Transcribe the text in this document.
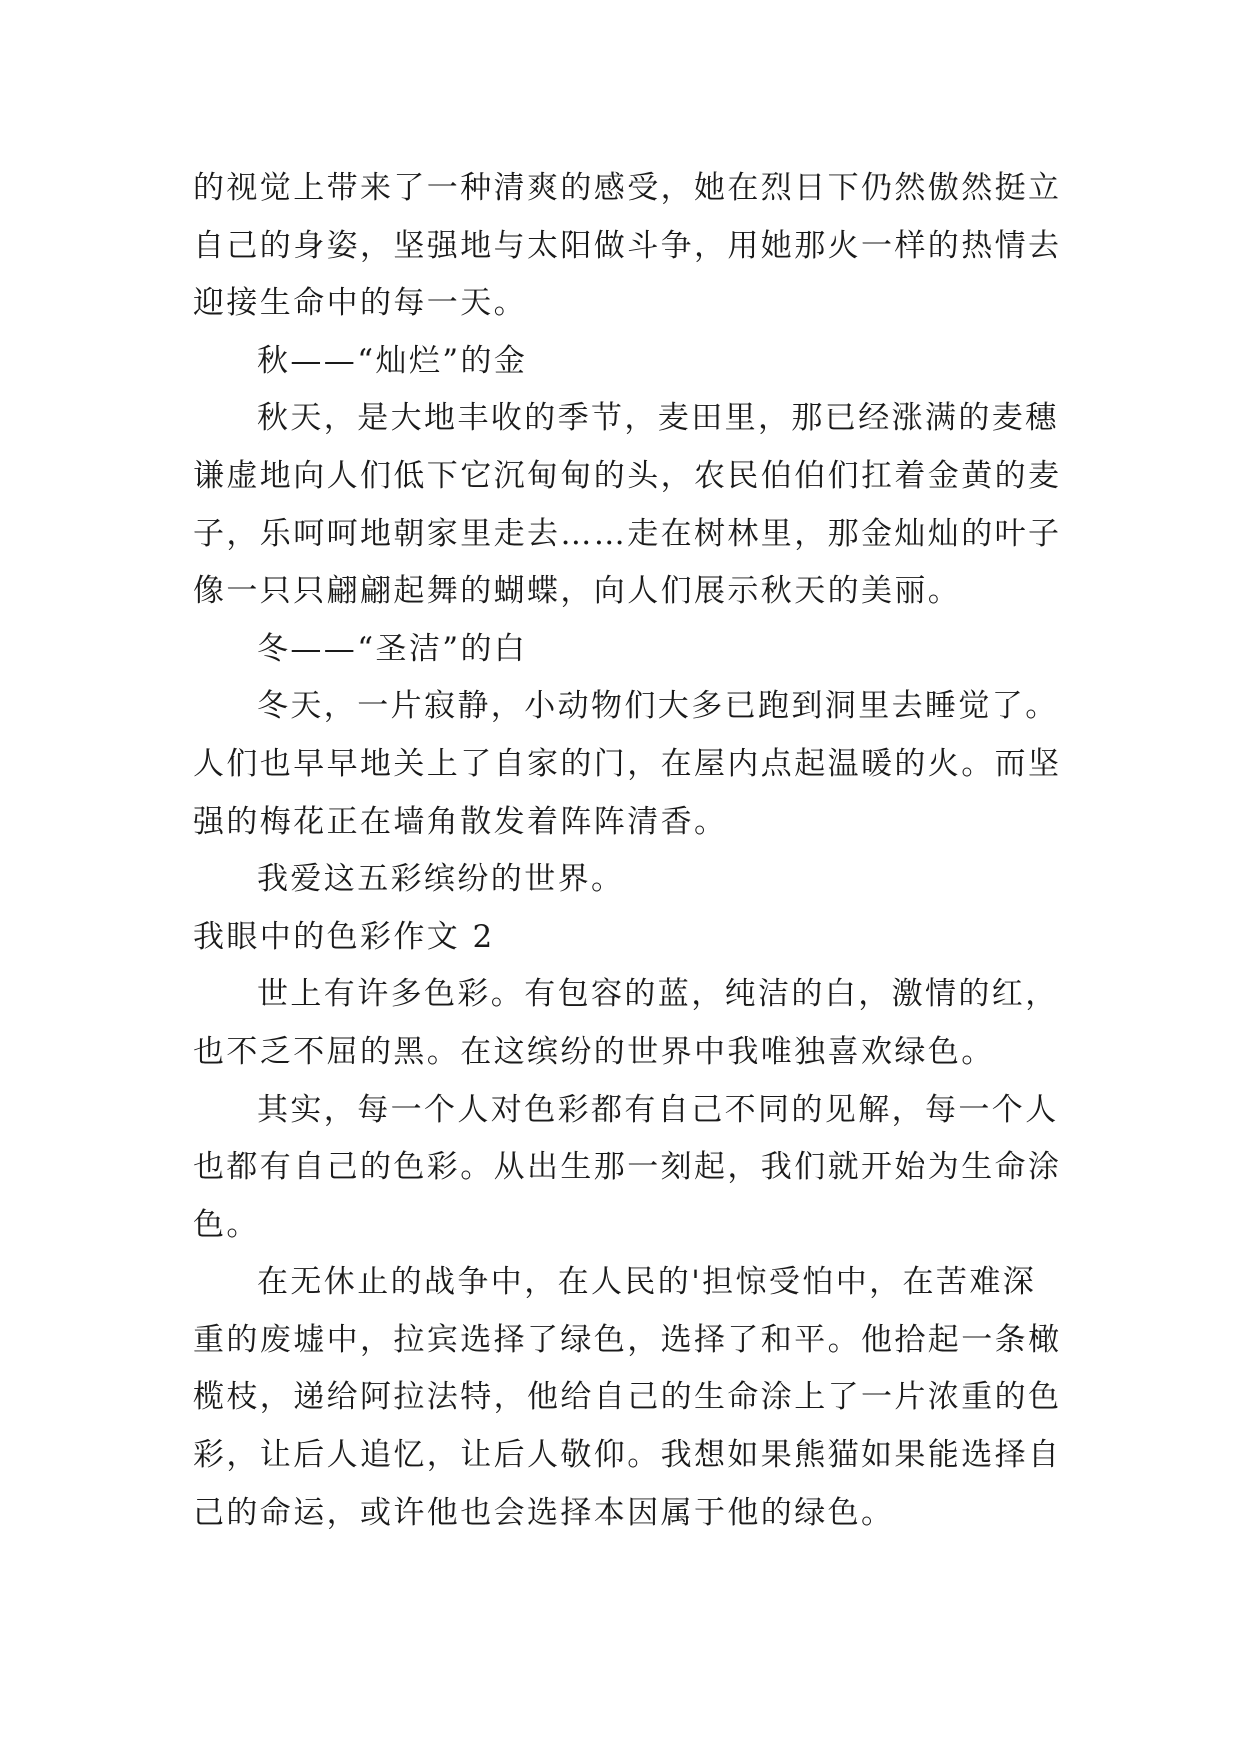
的视觉上带来了一种清爽的感受，她在烈日下仍然傲然挺立
自己的身姿，坚强地与太阳做斗争，用她那火一样的热情去
迎接生命中的每一天。
秋——“灿烂”的金
秋天，是大地丰收的季节，麦田里，那已经涨满的麦穗
谦虚地向人们低下它沉甸甸的头，农民伯伯们扛着金黄的麦
子，乐呵呵地朝家里走去……走在树林里，那金灿灿的叶子
像一只只翩翩起舞的蝴蝶，向人们展示秋天的美丽。
冬——“圣洁”的白
冬天，一片寂静，小动物们大多已跑到洞里去睡觉了。
人们也早早地关上了自家的门，在屋内点起温暖的火。而坚
强的梅花正在墙角散发着阵阵清香。
我爱这五彩缤纷的世界。
我眼中的色彩作文 2
世上有许多色彩。有包容的蓝，纯洁的白，激情的红，
也不乏不屈的黑。在这缤纷的世界中我唯独喜欢绿色。
其实，每一个人对色彩都有自己不同的见解，每一个人
也都有自己的色彩。从出生那一刻起，我们就开始为生命涂
色。
在无休止的战争中，在人民的'担惊受怕中，在苦难深
重的废墟中，拉宾选择了绿色，选择了和平。他拾起一条橄
榄枝，递给阿拉法特，他给自己的生命涂上了一片浓重的色
彩，让后人追忆，让后人敬仰。我想如果熊猫如果能选择自
己的命运，或许他也会选择本因属于他的绿色。
